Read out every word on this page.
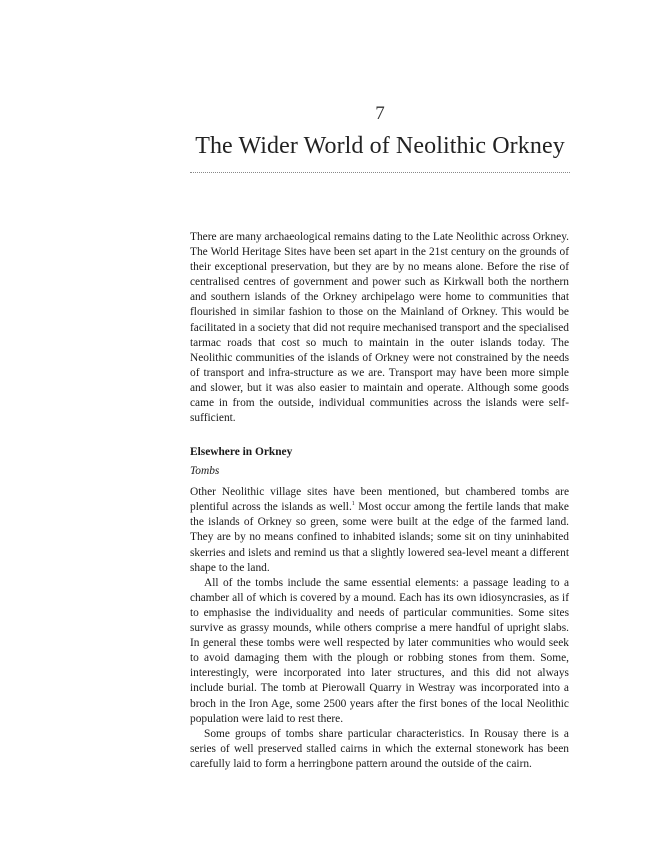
7
The Wider World of Neolithic Orkney

There are many archaeological remains dating to the Late Neolithic across Orkney. The World Heritage Sites have been set apart in the 21st century on the grounds of their exceptional preservation, but they are by no means alone. Before the rise of centralised centres of government and power such as Kirkwall both the northern and southern islands of the Orkney archipelago were home to communities that flourished in similar fashion to those on the Mainland of Orkney. This would be facilitated in a society that did not require mechanised transport and the specialised tarmac roads that cost so much to maintain in the outer islands today. The Neolithic communities of the islands of Orkney were not constrained by the needs of transport and infra-structure as we are. Transport may have been more simple and slower, but it was also easier to maintain and operate. Although some goods came in from the outside, individual communities across the islands were self-sufficient.

Elsewhere in Orkney
Tombs

Other Neolithic village sites have been mentioned, but chambered tombs are plentiful across the islands as well.$^1$ Most occur among the fertile lands that make the islands of Orkney so green, some were built at the edge of the farmed land. They are by no means confined to inhabited islands; some sit on tiny uninhabited skerries and islets and remind us that a slightly lowered sea-level meant a different shape to the land.

All of the tombs include the same essential elements: a passage leading to a chamber all of which is covered by a mound. Each has its own idiosyncrasies, as if to emphasise the individuality and needs of particular communities. Some sites survive as grassy mounds, while others comprise a mere handful of upright slabs. In general these tombs were well respected by later communities who would seek to avoid damaging them with the plough or robbing stones from them. Some, interestingly, were incorporated into later structures, and this did not always include burial. The tomb at Pierowall Quarry in Westray was incorporated into a broch in the Iron Age, some 2500 years after the first bones of the local Neolithic population were laid to rest there.

Some groups of tombs share particular characteristics. In Rousay there is a series of well preserved stalled cairns in which the external stonework has been carefully laid to form a herringbone pattern around the outside of the cairn.
